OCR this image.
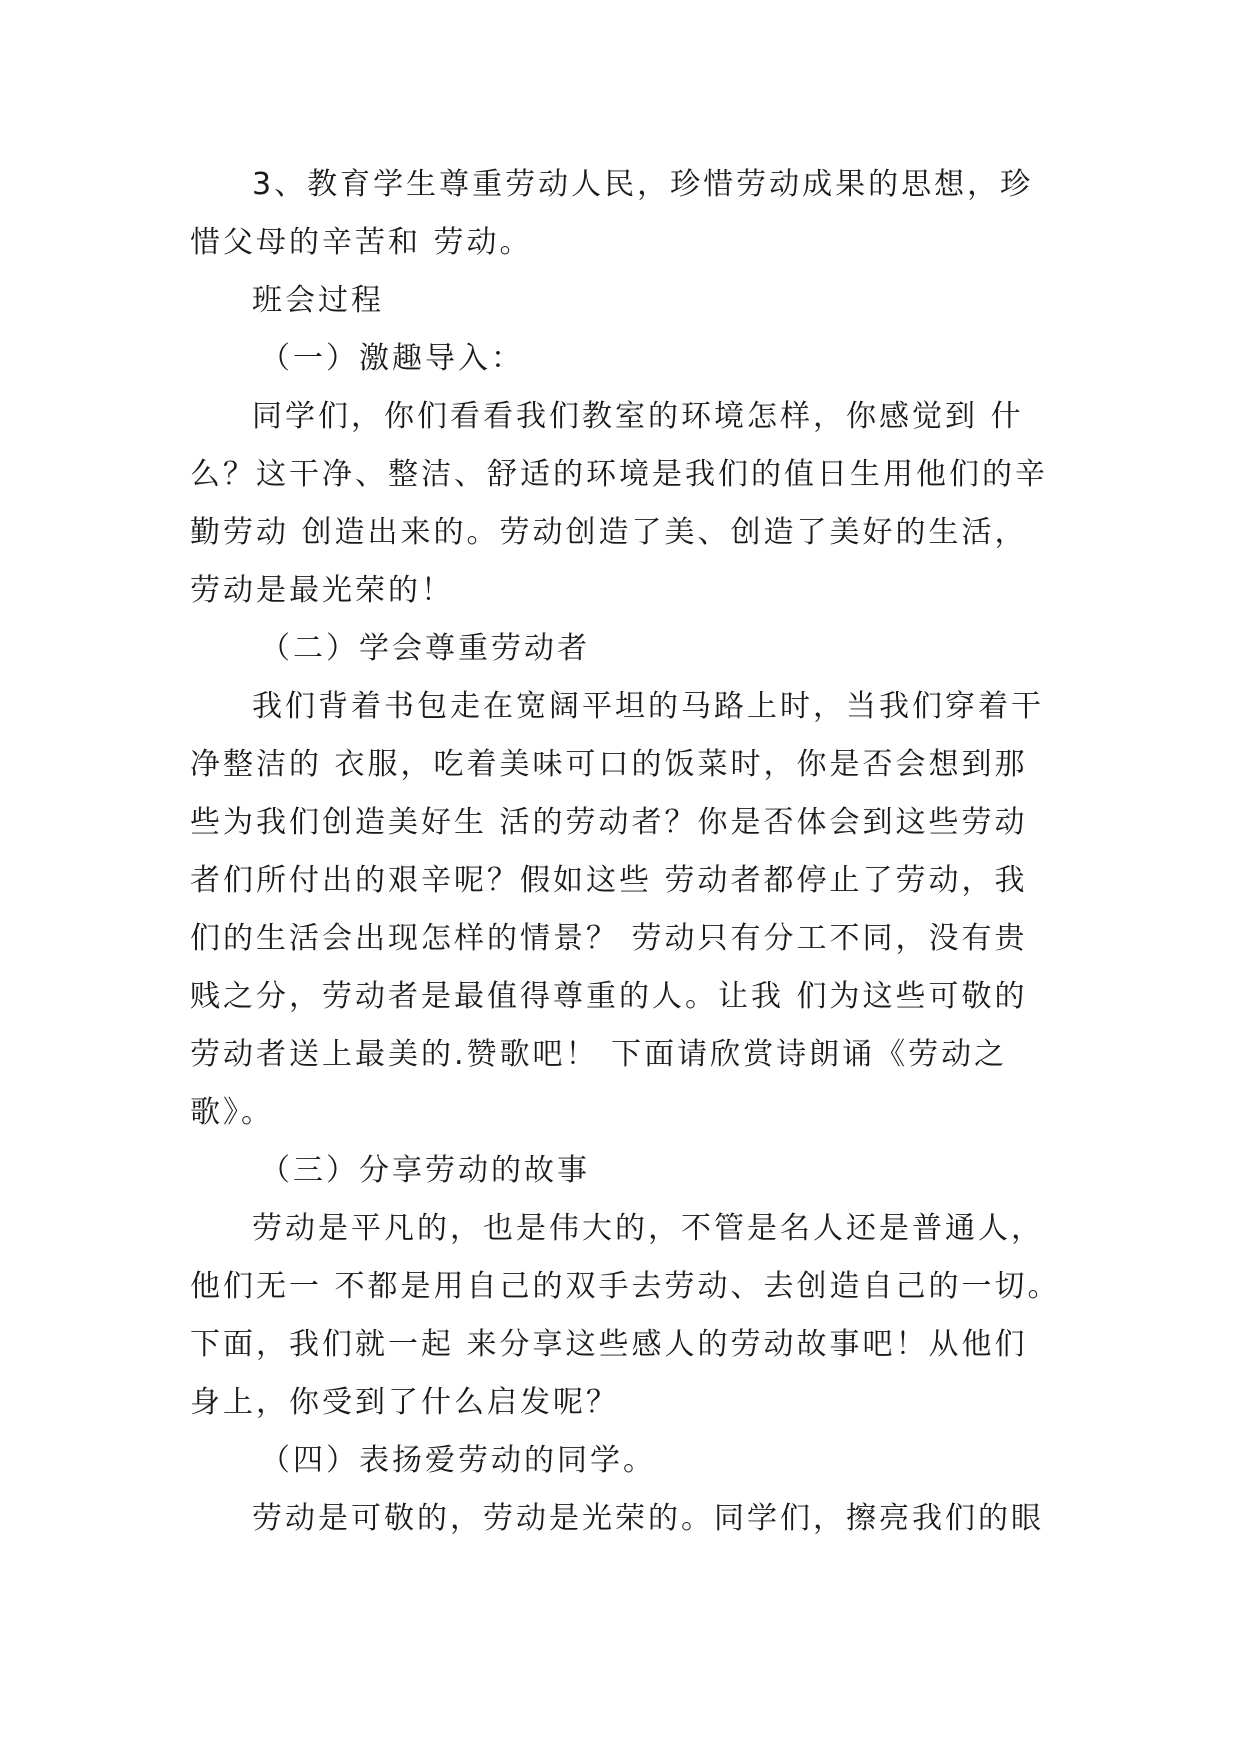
3、教育学生尊重劳动人民，珍惜劳动成果的思想，珍
惜父母的辛苦和 劳动。
班会过程
（一）激趣导入：
同学们，你们看看我们教室的环境怎样，你感觉到 什
么？这干净、整洁、舒适的环境是我们的值日生用他们的辛
勤劳动 创造出来的。劳动创造了美、创造了美好的生活，
劳动是最光荣的！
（二）学会尊重劳动者
我们背着书包走在宽阔平坦的马路上时，当我们穿着干
净整洁的 衣服，吃着美味可口的饭菜时，你是否会想到那
些为我们创造美好生 活的劳动者？你是否体会到这些劳动
者们所付出的艰辛呢？假如这些 劳动者都停止了劳动，我
们的生活会出现怎样的情景？ 劳动只有分工不同，没有贵
贱之分，劳动者是最值得尊重的人。让我 们为这些可敬的
劳动者送上最美的.赞歌吧！ 下面请欣赏诗朗诵《劳动之
歌》。
（三）分享劳动的故事
劳动是平凡的，也是伟大的，不管是名人还是普通人，
他们无一 不都是用自己的双手去劳动、去创造自己的一切。
下面，我们就一起 来分享这些感人的劳动故事吧！从他们
身上，你受到了什么启发呢？
（四）表扬爱劳动的同学。
劳动是可敬的，劳动是光荣的。同学们，擦亮我们的眼
